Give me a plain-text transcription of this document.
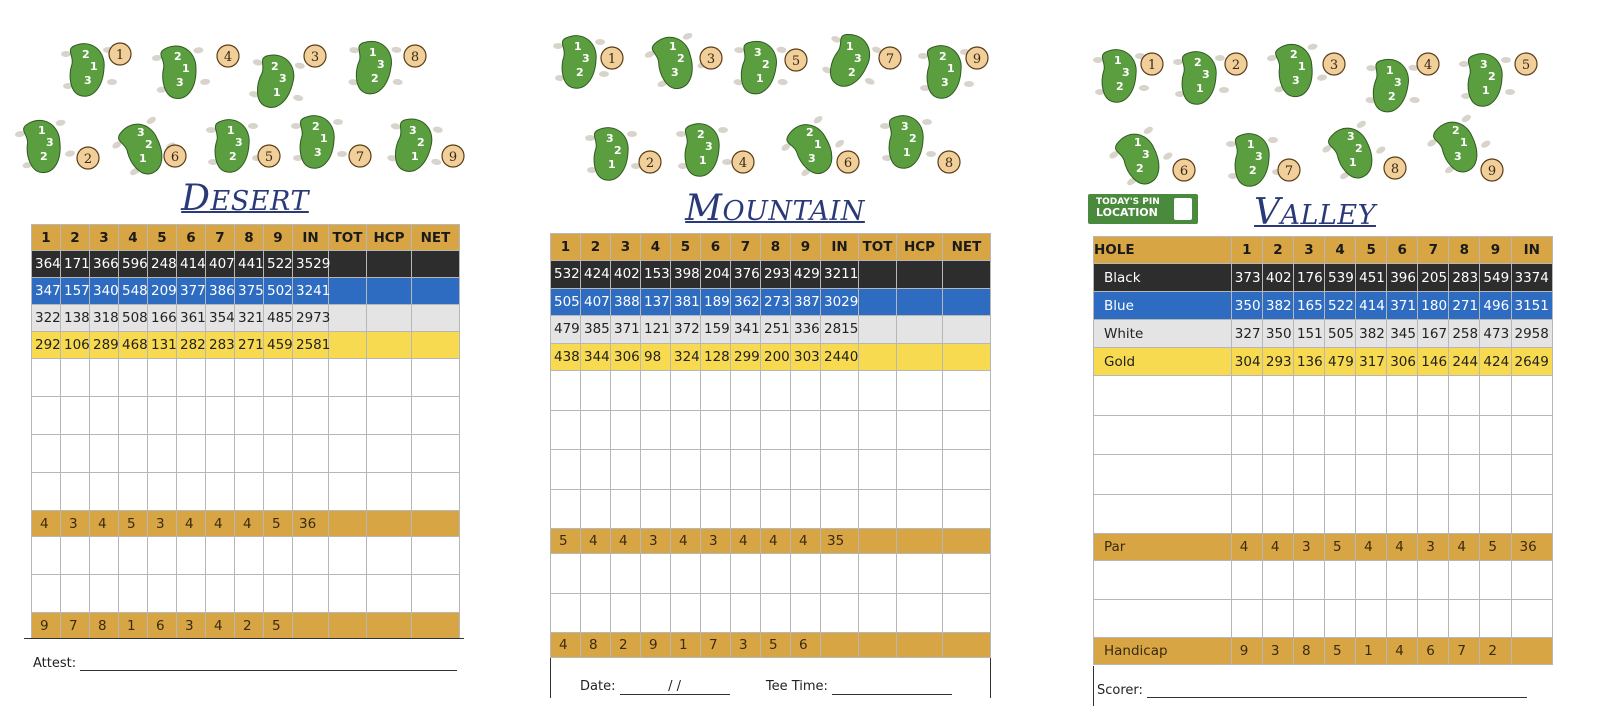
2
1
3
1
1
3
2	2
2
3
1
3
2
1
3
4
1
3
2 5
3
2
1 6
2
1
3	7
1
3
2
8
3
2
1 9
DESERT
1	2	3	4	5	6	7	8	9	IN	TOT	HCP	NET
364	171	366	596	248	414	407	441	522	3529			
347	157	340	548	209	377	386	375	502	3241			
322	138	318	508	166	361	354	321	485	2973			
292	106	289	468	131	282	283	271	459	2581			

4	3	4	5	3	4	4	4	5	36			

9	7	8	1	6	3	4	2	5				
Attest:
1
3
2
1
3
2
1 2
1
2
3
3
2
3
1 4
3
2
1
5
2
1
3 6
1
3
2
7
3
2
1
8
2
1
3
9
MOUNTAIN
1	2	3	4	5	6	7	8	9	IN	TOT	HCP	NET
532	424	402	153	398	204	376	293	429	3211			
505	407	388	137	381	189	362	273	387	3029			
479	385	371	121	372	159	341	251	336	2815			
438	344	306	98	324	128	299	200	303	2440			

5	4	4	3	4	3	4	4	4	35			

4	8	2	9	1	7	3	5	6				
Date:	/ /	Tee Time:
1
3
2
1	2
3
1
2
2
1
3
3	1
3
2
4	3
2
1
5
1
3
2	6
1
3
2 7
3
2
1	8
2
1
3
9
TODAY'S PIN
LOCATION	VALLEY
HOLE	1	2	3	4	5	6	7	8	9	IN
Black	373	402	176	539	451	396	205	283	549	3374
Blue	350	382	165	522	414	371	180	271	496	3151
White	327	350	151	505	382	345	167	258	473	2958
Gold	304	293	136	479	317	306	146	244	424	2649

Par	4	4	3	5	4	4	3	4	5	36

Handicap	9	3	8	5	1	4	6	7	2	
Scorer:
